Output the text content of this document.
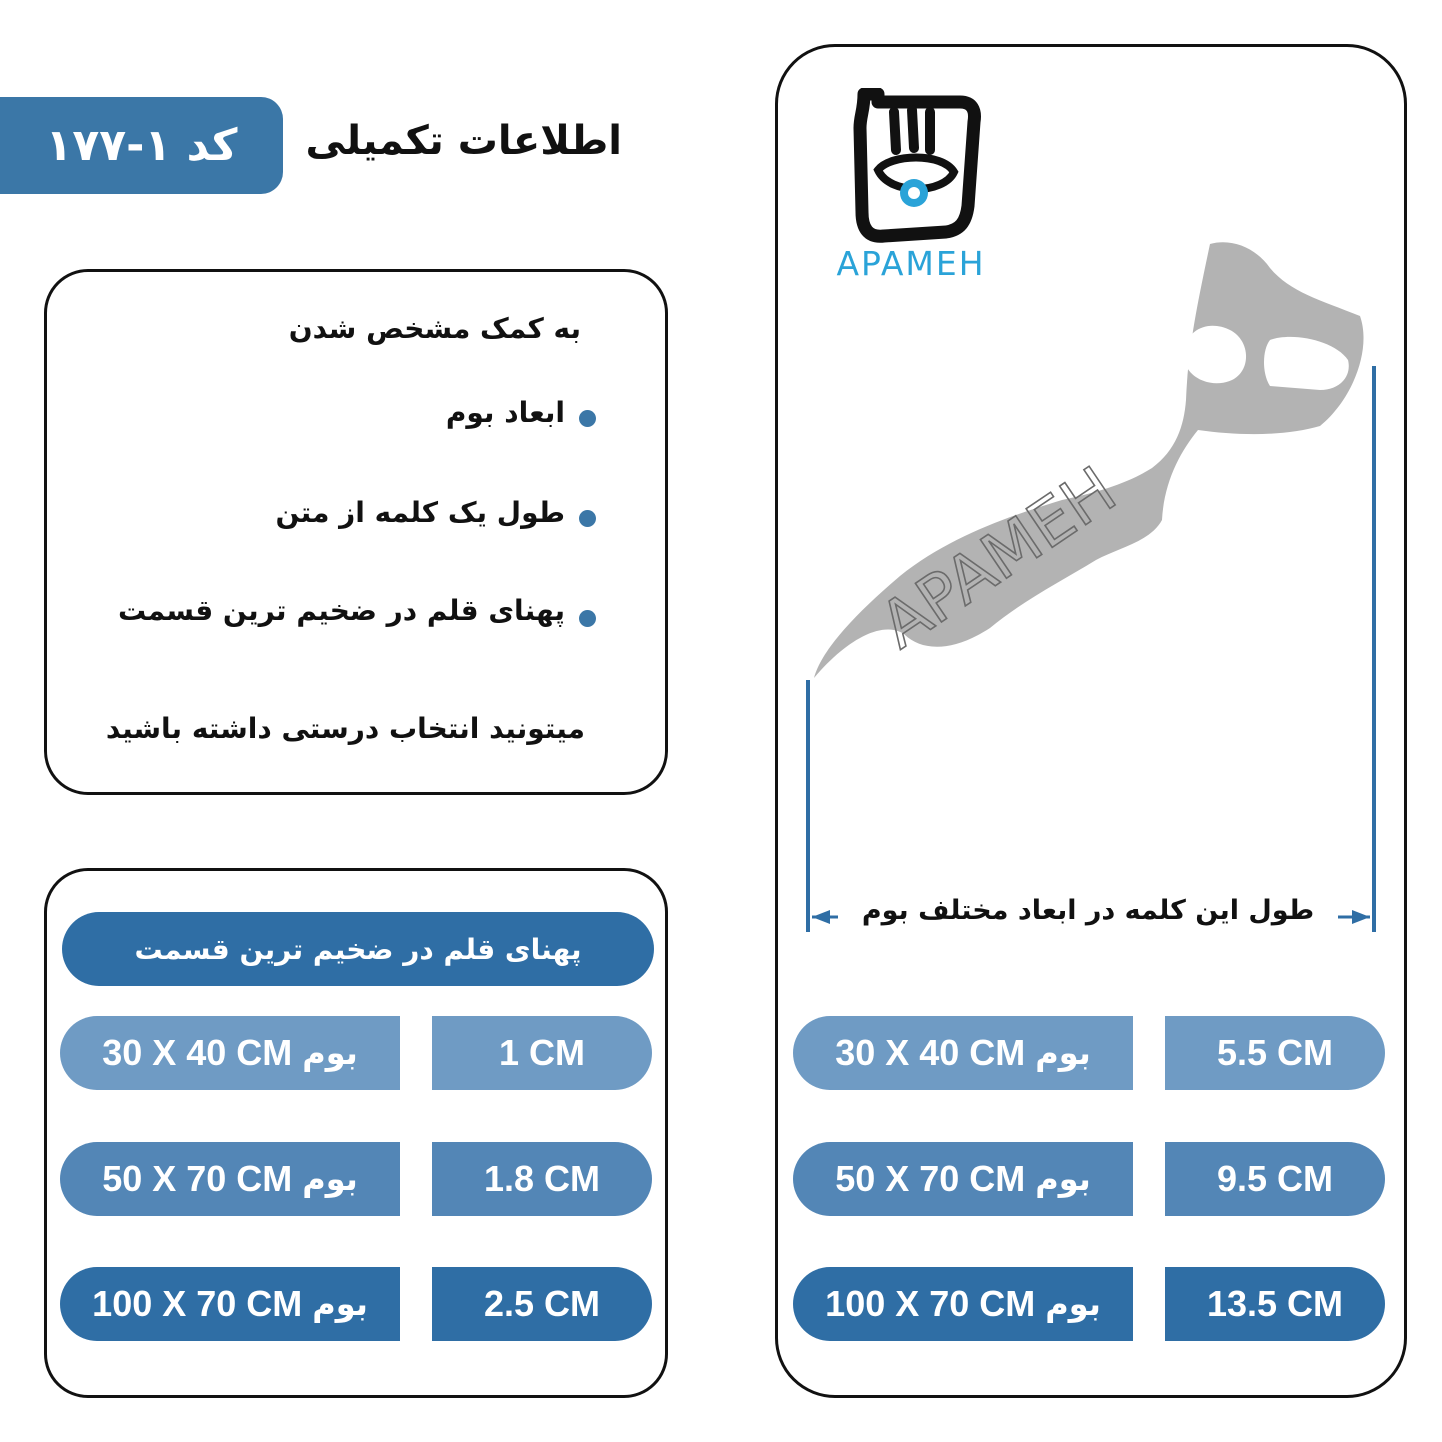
کد ۱-۱۷۷ اطلاعات تکمیلی
به کمک مشخص شدن
ابعاد بوم
طول یک کلمه از متن
پهنای قلم در ضخیم ترین قسمت
میتونید انتخاب درستی داشته باشید
پهنای قلم در ضخیم ترین قسمت
30 X 40 CM بوم	1 CM
50 X 70 CM بوم	1.8 CM
100 X 70 CM بوم	2.5 CM
APAMEH
APAMEH
طول این کلمه در ابعاد مختلف بوم
30 X 40 CM بوم	5.5 CM
50 X 70 CM بوم	9.5 CM
100 X 70 CM بوم	13.5 CM
